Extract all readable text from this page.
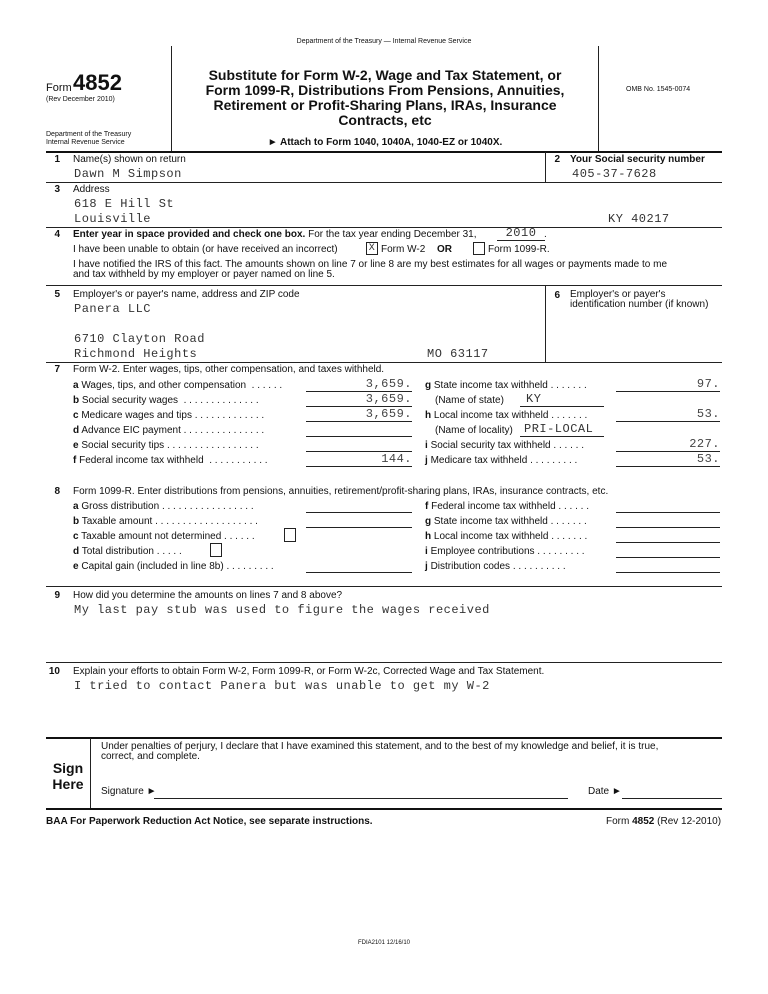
Department of the Treasury — Internal Revenue Service
Form 4852
(Rev December 2010)
Department of the Treasury
Internal Revenue Service
Substitute for Form W-2, Wage and Tax Statement, or
Form 1099-R, Distributions From Pensions, Annuities,
Retirement or Profit-Sharing Plans, IRAs, Insurance
Contracts, etc
► Attach to Form 1040, 1040A, 1040-EZ or 1040X.
OMB No. 1545-0074
1 Name(s) shown on return
Dawn M Simpson
2 Your Social security number
405-37-7628
3 Address
618 E Hill St
Louisville	KY 40217
4 Enter year in space provided and check one box. For the tax year ending December 31,	2010 .
I have been unable to obtain (or have received an incorrect)	X Form W-2 OR	Form 1099-R.
I have notified the IRS of this fact. The amounts shown on line 7 or line 8 are my best estimates for all wages or payments made to me
and tax withheld by my employer or payer named on line 5.
5 Employer's or payer's name, address and ZIP code
Panera LLC
6710 Clayton Road
Richmond Heights	MO 63117
6 Employer's or payer's
identification number (if known)
7 Form W-2. Enter wages, tips, other compensation, and taxes withheld.
a Wages, tips, and other compensation . . . . . .	3,659.
b Social security wages . . . . . . . . . . . . . .	3,659.
c Medicare wages and tips . . . . . . . . . . . . .	3,659.
d Advance EIC payment . . . . . . . . . . . . . . .
e Social security tips . . . . . . . . . . . . . . . . .
f Federal income tax withheld . . . . . . . . . . .	144.
g State income tax withheld . . . . . . .	97.
(Name of state)	KY
h Local income tax withheld . . . . . . .	53.
(Name of locality) PRI-LOCAL
i Social security tax withheld . . . . . .	227.
j Medicare tax withheld . . . . . . . . .	53.
8 Form 1099-R. Enter distributions from pensions, annuities, retirement/profit-sharing plans, IRAs, insurance contracts, etc.
a Gross distribution . . . . . . . . . . . . . . . . .
b Taxable amount . . . . . . . . . . . . . . . . . . .
c Taxable amount not determined . . . . . .
d Total distribution . . . . .
e Capital gain (included in line 8b) . . . . . . . . .
f Federal income tax withheld . . . . . .
g State income tax withheld . . . . . . .
h Local income tax withheld . . . . . . .
i Employee contributions . . . . . . . . .
j Distribution codes . . . . . . . . . .
9 How did you determine the amounts on lines 7 and 8 above?
My last pay stub was used to figure the wages received
10 Explain your efforts to obtain Form W-2, Form 1099-R, or Form W-2c, Corrected Wage and Tax Statement.
I tried to contact Panera but was unable to get my W-2
Sign
Here
Under penalties of perjury, I declare that I have examined this statement, and to the best of my knowledge and belief, it is true,
correct, and complete.
Signature ►	Date ►
BAA For Paperwork Reduction Act Notice, see separate instructions.	Form 4852 (Rev 12-2010)
FDIA2101 12/16/10
